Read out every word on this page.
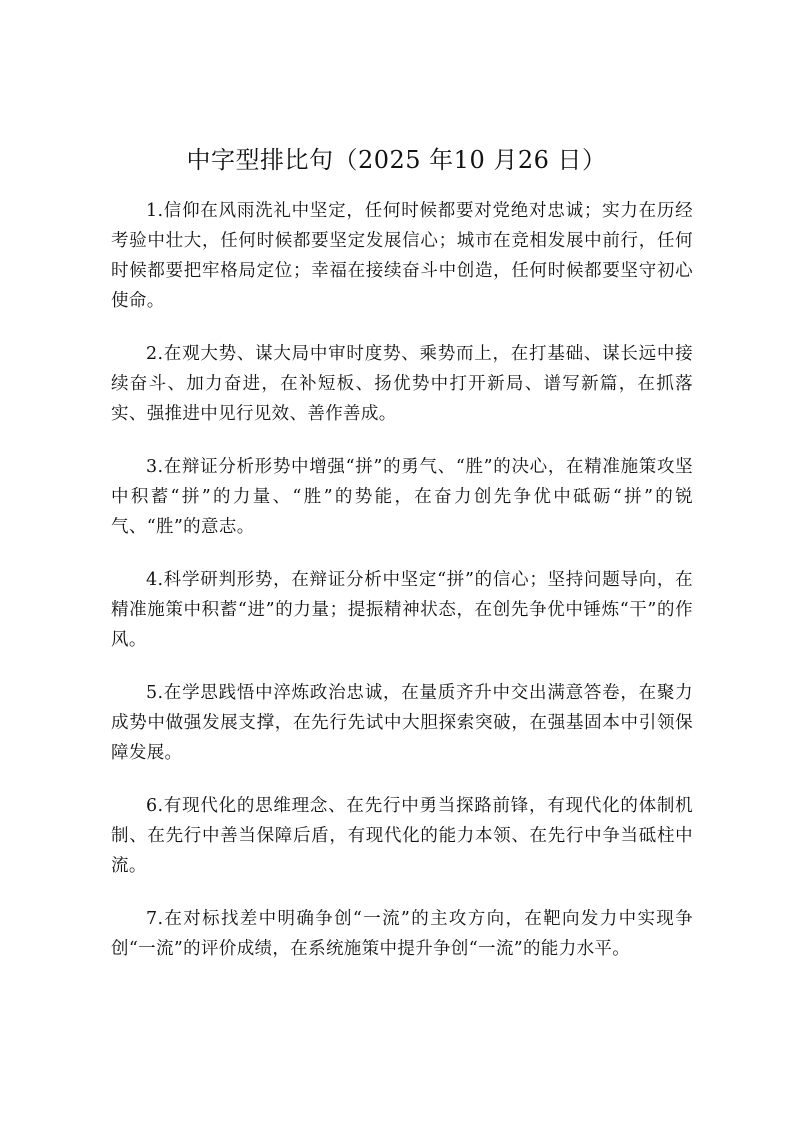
中字型排比句（2025 年10 月26 日）

1.信仰在风雨洗礼中坚定，任何时候都要对党绝对忠诚；实力在历经考验中壮大，任何时候都要坚定发展信心；城市在竞相发展中前行，任何时候都要把牢格局定位；幸福在接续奋斗中创造，任何时候都要坚守初心使命。

2.在观大势、谋大局中审时度势、乘势而上，在打基础、谋长远中接续奋斗、加力奋进，在补短板、扬优势中打开新局、谱写新篇，在抓落实、强推进中见行见效、善作善成。

3.在辩证分析形势中增强“拼”的勇气、“胜”的决心，在精准施策攻坚中积蓄“拼”的力量、“胜”的势能，在奋力创先争优中砥砺“拼”的锐气、“胜”的意志。

4.科学研判形势，在辩证分析中坚定“拼”的信心；坚持问题导向，在精准施策中积蓄“进”的力量；提振精神状态，在创先争优中锤炼“干”的作风。

5.在学思践悟中淬炼政治忠诚，在量质齐升中交出满意答卷，在聚力成势中做强发展支撑，在先行先试中大胆探索突破，在强基固本中引领保障发展。

6.有现代化的思维理念、在先行中勇当探路前锋，有现代化的体制机制、在先行中善当保障后盾，有现代化的能力本领、在先行中争当砥柱中流。

7.在对标找差中明确争创“一流”的主攻方向，在靶向发力中实现争创“一流”的评价成绩，在系统施策中提升争创“一流”的能力水平。
